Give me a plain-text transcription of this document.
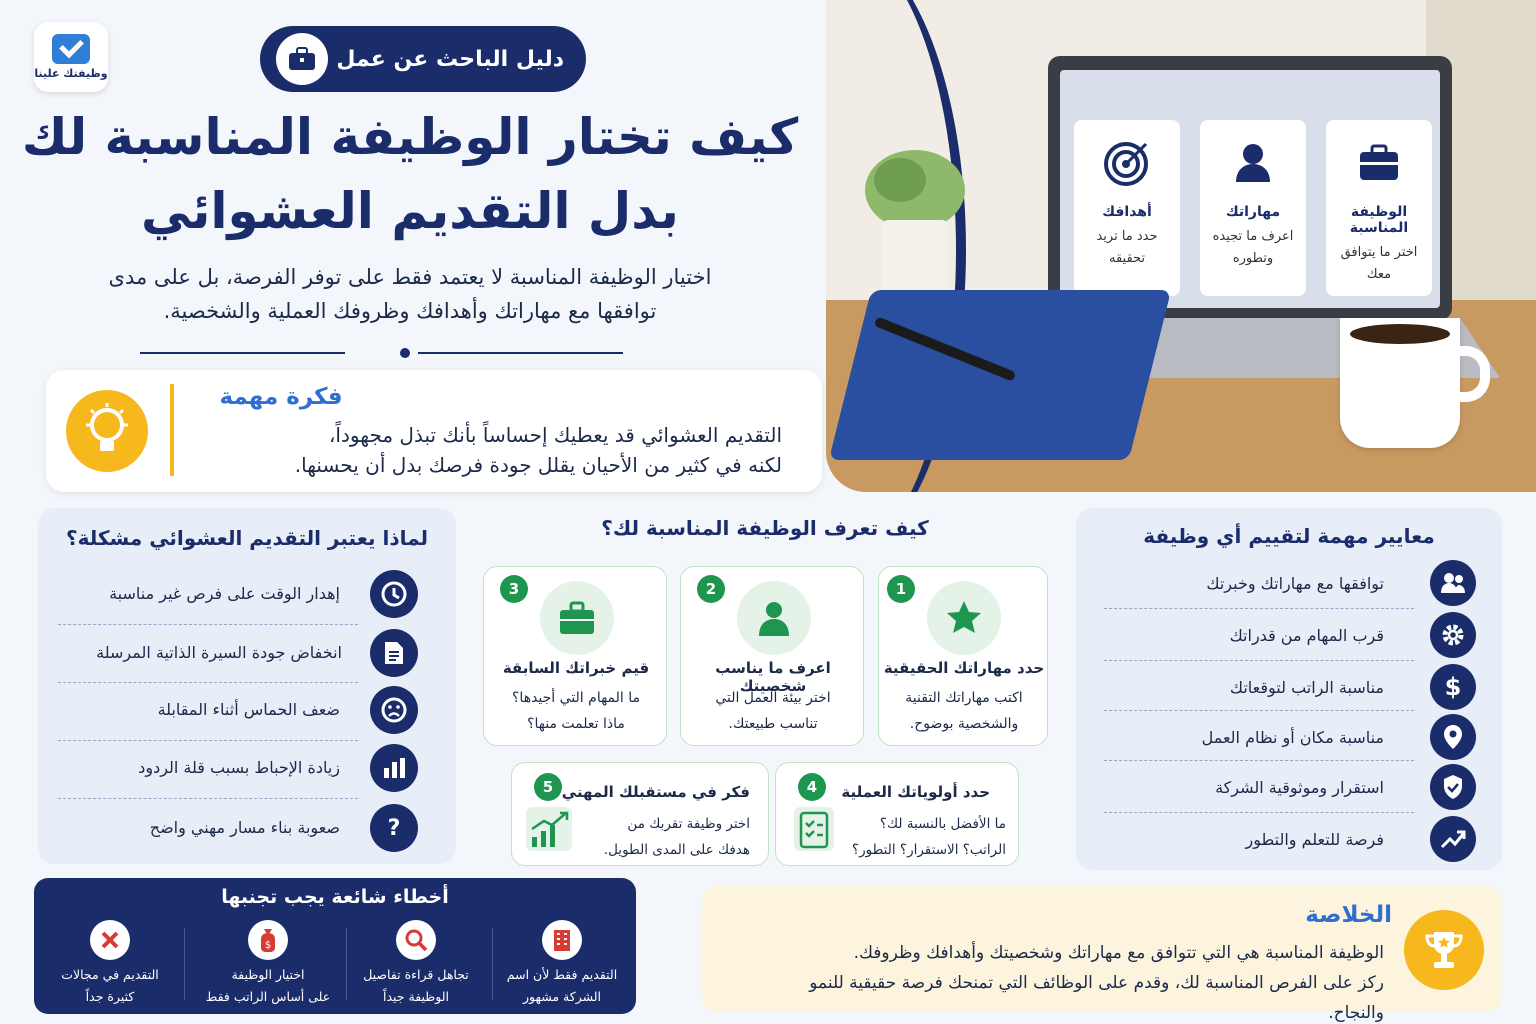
الوظيفة المناسبة
اختر ما يتوافق
معك
مهاراتك
اعرف ما تجيده
وتطوره
أهدافك
حدد ما تريد
تحقيقه
وظيفتك علينا
دليل الباحث عن عمل
كيف تختار الوظيفة المناسبة لك
بدل التقديم العشوائي
اختيار الوظيفة المناسبة لا يعتمد فقط على توفر الفرصة، بل على مدى
توافقها مع مهاراتك وأهدافك وظروفك العملية والشخصية.
فكرة مهمة
التقديم العشوائي قد يعطيك إحساساً بأنك تبذل مجهوداً،
لكنه في كثير من الأحيان يقلل جودة فرصك بدل أن يحسنها.
لماذا يعتبر التقديم العشوائي مشكلة؟
إهدار الوقت على فرص غير مناسبة
انخفاض جودة السيرة الذاتية المرسلة
ضعف الحماس أثناء المقابلة
زيادة الإحباط بسبب قلة الردود
صعوبة بناء مسار مهني واضح	?
كيف تعرف الوظيفة المناسبة لك؟
1
حدد مهاراتك الحقيقية
اكتب مهاراتك التقنية
والشخصية بوضوح.
2
اعرف ما يناسب شخصيتك
اختر بيئة العمل التي
تناسب طبيعتك.
3
قيم خبراتك السابقة
ما المهام التي أجيدها؟
ماذا تعلمت منها؟
4	حدد أولوياتك العملية
ما الأفضل بالنسبة لك؟
الراتب؟ الاستقرار؟ التطور؟
5 فكر في مستقبلك المهني
اختر وظيفة تقربك من
هدفك على المدى الطويل.
معايير مهمة لتقييم أي وظيفة
توافقها مع مهاراتك وخبرتك
قرب المهام من قدراتك
مناسبة الراتب لتوقعاتك
مناسبة مكان أو نظام العمل
استقرار وموثوقية الشركة
فرصة للتعلم والتطور
$
أخطاء شائعة يجب تجنبها
التقديم فقط لأن اسم
الشركة مشهور
تجاهل قراءة تفاصيل
الوظيفة جيداً
$
اختيار الوظيفة
على أساس الراتب فقط
التقديم في مجالات
كثيرة جداً
الخلاصة
الوظيفة المناسبة هي التي تتوافق مع مهاراتك وشخصيتك وأهدافك وظروفك.
ركز على الفرص المناسبة لك، وقدم على الوظائف التي تمنحك فرصة حقيقية للنمو والنجاح.
